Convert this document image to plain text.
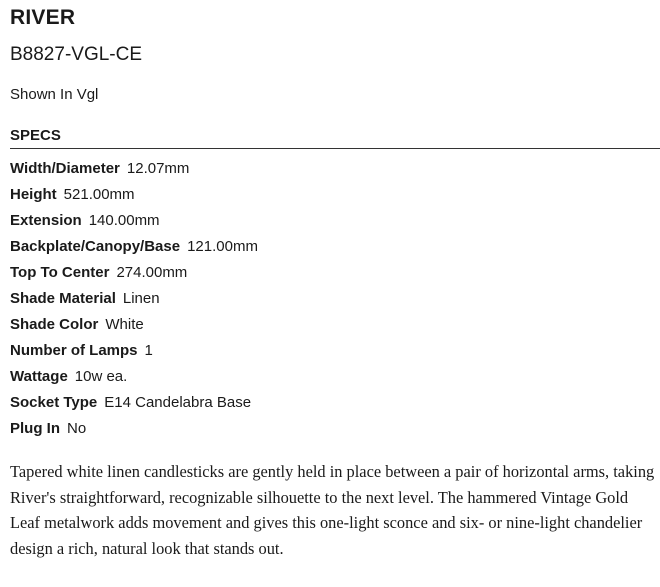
RIVER
B8827-VGL-CE
Shown In Vgl
SPECS
Width/Diameter 12.07mm
Height 521.00mm
Extension 140.00mm
Backplate/Canopy/Base 121.00mm
Top To Center 274.00mm
Shade Material Linen
Shade Color White
Number of Lamps 1
Wattage 10w ea.
Socket Type E14 Candelabra Base
Plug In No

Tapered white linen candlesticks are gently held in place between a pair of horizontal arms, taking River's straightforward, recognizable silhouette to the next level. The hammered Vintage Gold Leaf metalwork adds movement and gives this one-light sconce and six- or nine-light chandelier design a rich, natural look that stands out.
